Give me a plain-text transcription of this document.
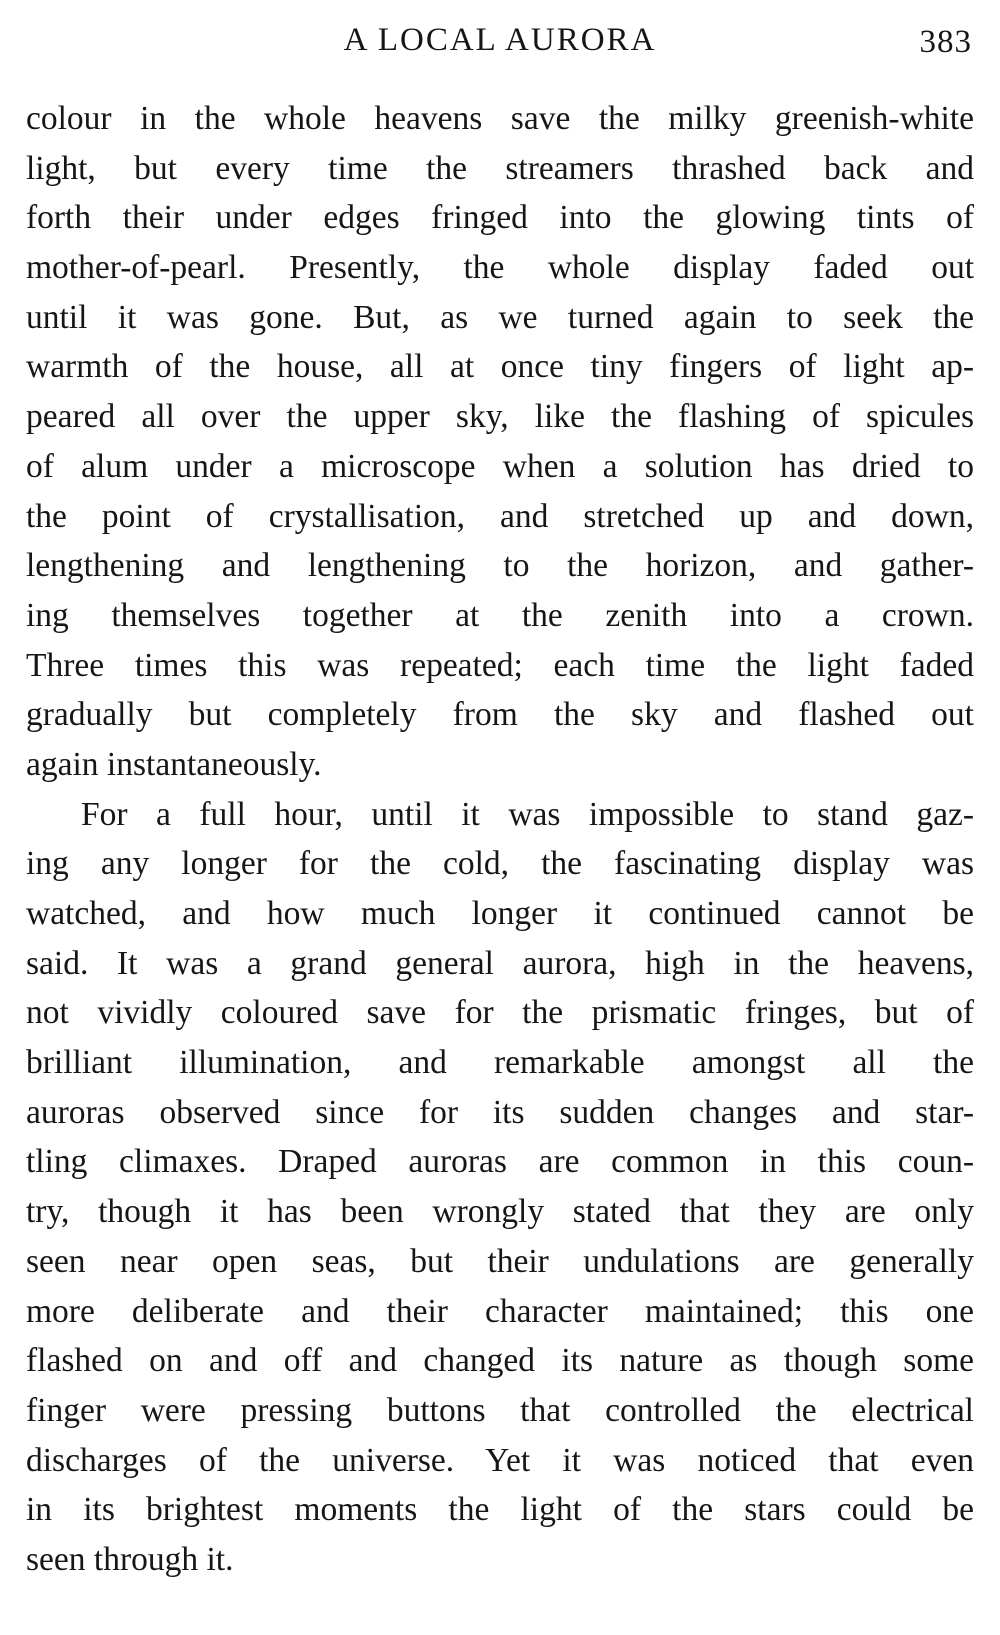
A LOCAL AURORA	383
colour in the whole heavens save the milky greenish-white
light, but every time the streamers thrashed back and
forth their under edges fringed into the glowing tints of
mother-of-pearl. Presently, the whole display faded out
until it was gone. But, as we turned again to seek the
warmth of the house, all at once tiny fingers of light ap-
peared all over the upper sky, like the flashing of spicules
of alum under a microscope when a solution has dried to
the point of crystallisation, and stretched up and down,
lengthening and lengthening to the horizon, and gather-
ing themselves together at the zenith into a crown.
Three times this was repeated; each time the light faded
gradually but completely from the sky and flashed out
again instantaneously.
For a full hour, until it was impossible to stand gaz-
ing any longer for the cold, the fascinating display was
watched, and how much longer it continued cannot be
said. It was a grand general aurora, high in the heavens,
not vividly coloured save for the prismatic fringes, but of
brilliant illumination, and remarkable amongst all the
auroras observed since for its sudden changes and star-
tling climaxes. Draped auroras are common in this coun-
try, though it has been wrongly stated that they are only
seen near open seas, but their undulations are generally
more deliberate and their character maintained; this one
flashed on and off and changed its nature as though some
finger were pressing buttons that controlled the electrical
discharges of the universe. Yet it was noticed that even
in its brightest moments the light of the stars could be
seen through it.
